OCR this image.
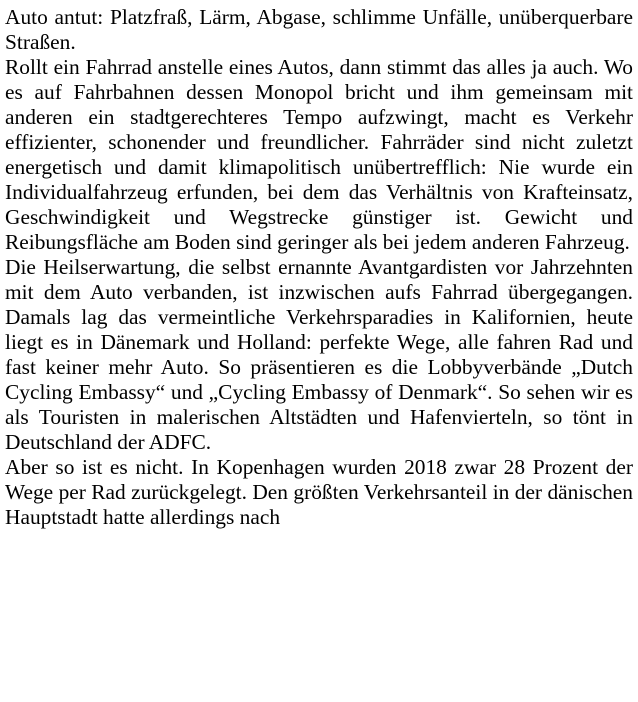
Auto antut: Platzfraß, Lärm, Abgase, schlimme Unfälle, unüberquerbare Straßen.

Rollt ein Fahrrad anstelle eines Autos, dann stimmt das alles ja auch. Wo es auf Fahrbahnen dessen Monopol bricht und ihm gemeinsam mit anderen ein stadtgerechteres Tempo aufzwingt, macht es Verkehr effizienter, schonender und freundlicher. Fahrräder sind nicht zuletzt energetisch und damit klimapolitisch unübertrefflich: Nie wurde ein Individualfahrzeug erfunden, bei dem das Verhältnis von Krafteinsatz, Geschwindigkeit und Wegstrecke günstiger ist. Gewicht und Reibungsfläche am Boden sind geringer als bei jedem anderen Fahrzeug.

Die Heilserwartung, die selbst ernannte Avantgardisten vor Jahrzehnten mit dem Auto verbanden, ist inzwischen aufs Fahrrad übergegangen. Damals lag das vermeintliche Verkehrsparadies in Kalifornien, heute liegt es in Dänemark und Holland: perfekte Wege, alle fahren Rad und fast keiner mehr Auto. So präsentieren es die Lobbyverbände „Dutch Cycling Embassy“ und „Cycling Embassy of Denmark“. So sehen wir es als Touristen in malerischen Altstädten und Hafenvierteln, so tönt in Deutschland der ADFC.

Aber so ist es nicht. In Kopenhagen wurden 2018 zwar 28 Prozent der Wege per Rad zurückgelegt. Den größten Verkehrsanteil in der dänischen Hauptstadt hatte allerdings nach
